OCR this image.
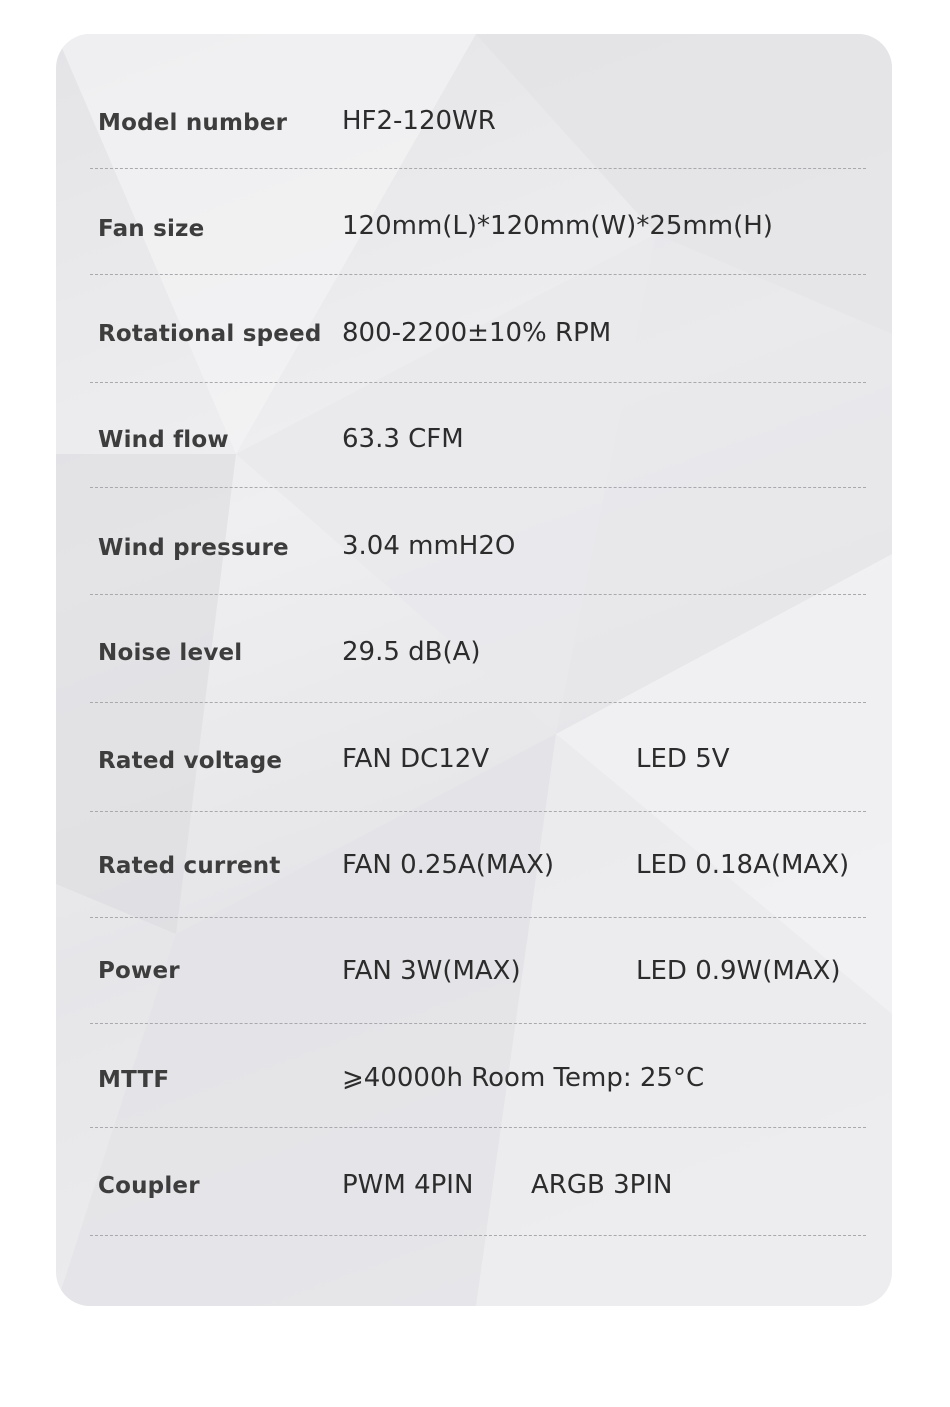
Model number HF2-120WR
Fan size	120mm(L)*120mm(W)*25mm(H)
Rotational speed 800-2200±10% RPM
Wind flow	63.3 CFM
Wind pressure 3.04 mmH2O
Noise level	29.5 dB(A)
Rated voltage FAN DC12V	LED 5V
Rated current FAN 0.25A(MAX)	LED 0.18A(MAX)
Power	FAN 3W(MAX)	LED 0.9W(MAX)
MTTF	⩾40000h Room Temp: 25°C
Coupler	PWM 4PIN ARGB 3PIN
